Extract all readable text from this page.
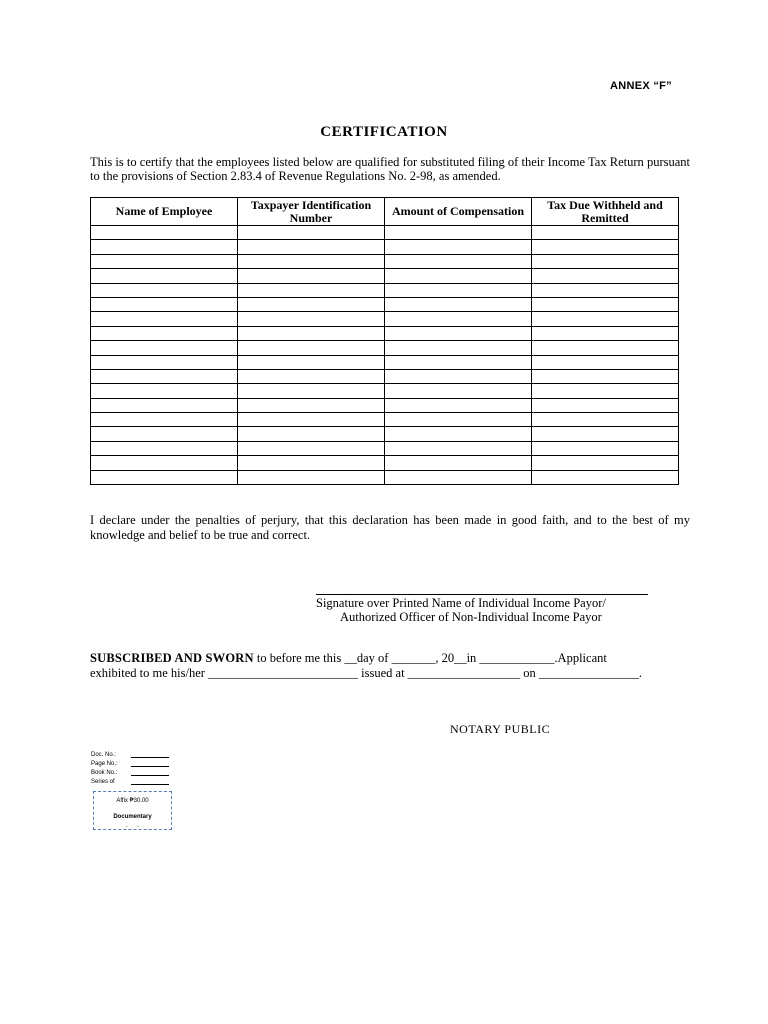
ANNEX “F”
CERTIFICATION
This is to certify that the employees listed below are qualified for substituted filing of their Income Tax Return pursuant to the provisions of Section 2.83.4 of Revenue Regulations No. 2-98, as amended.
Name of Employee	Taxpayer Identification Number	Amount of Compensation	Tax Due Withheld and Remitted

I declare under the penalties of perjury, that this declaration has been made in good faith, and to the best of my knowledge and belief to be true and correct.
Signature over Printed Name of Individual Income Payor/
Authorized Officer of Non-Individual Income Payor
SUBSCRIBED AND SWORN to before me this __day of _______, 20__in ____________.Applicant
exhibited to me his/her ________________________ issued at __________________ on ________________.
NOTARY PUBLIC
Doc. No.:
Page No.:
Book No.:
Series of
Affix ₱30.00
Documentary
-       -
